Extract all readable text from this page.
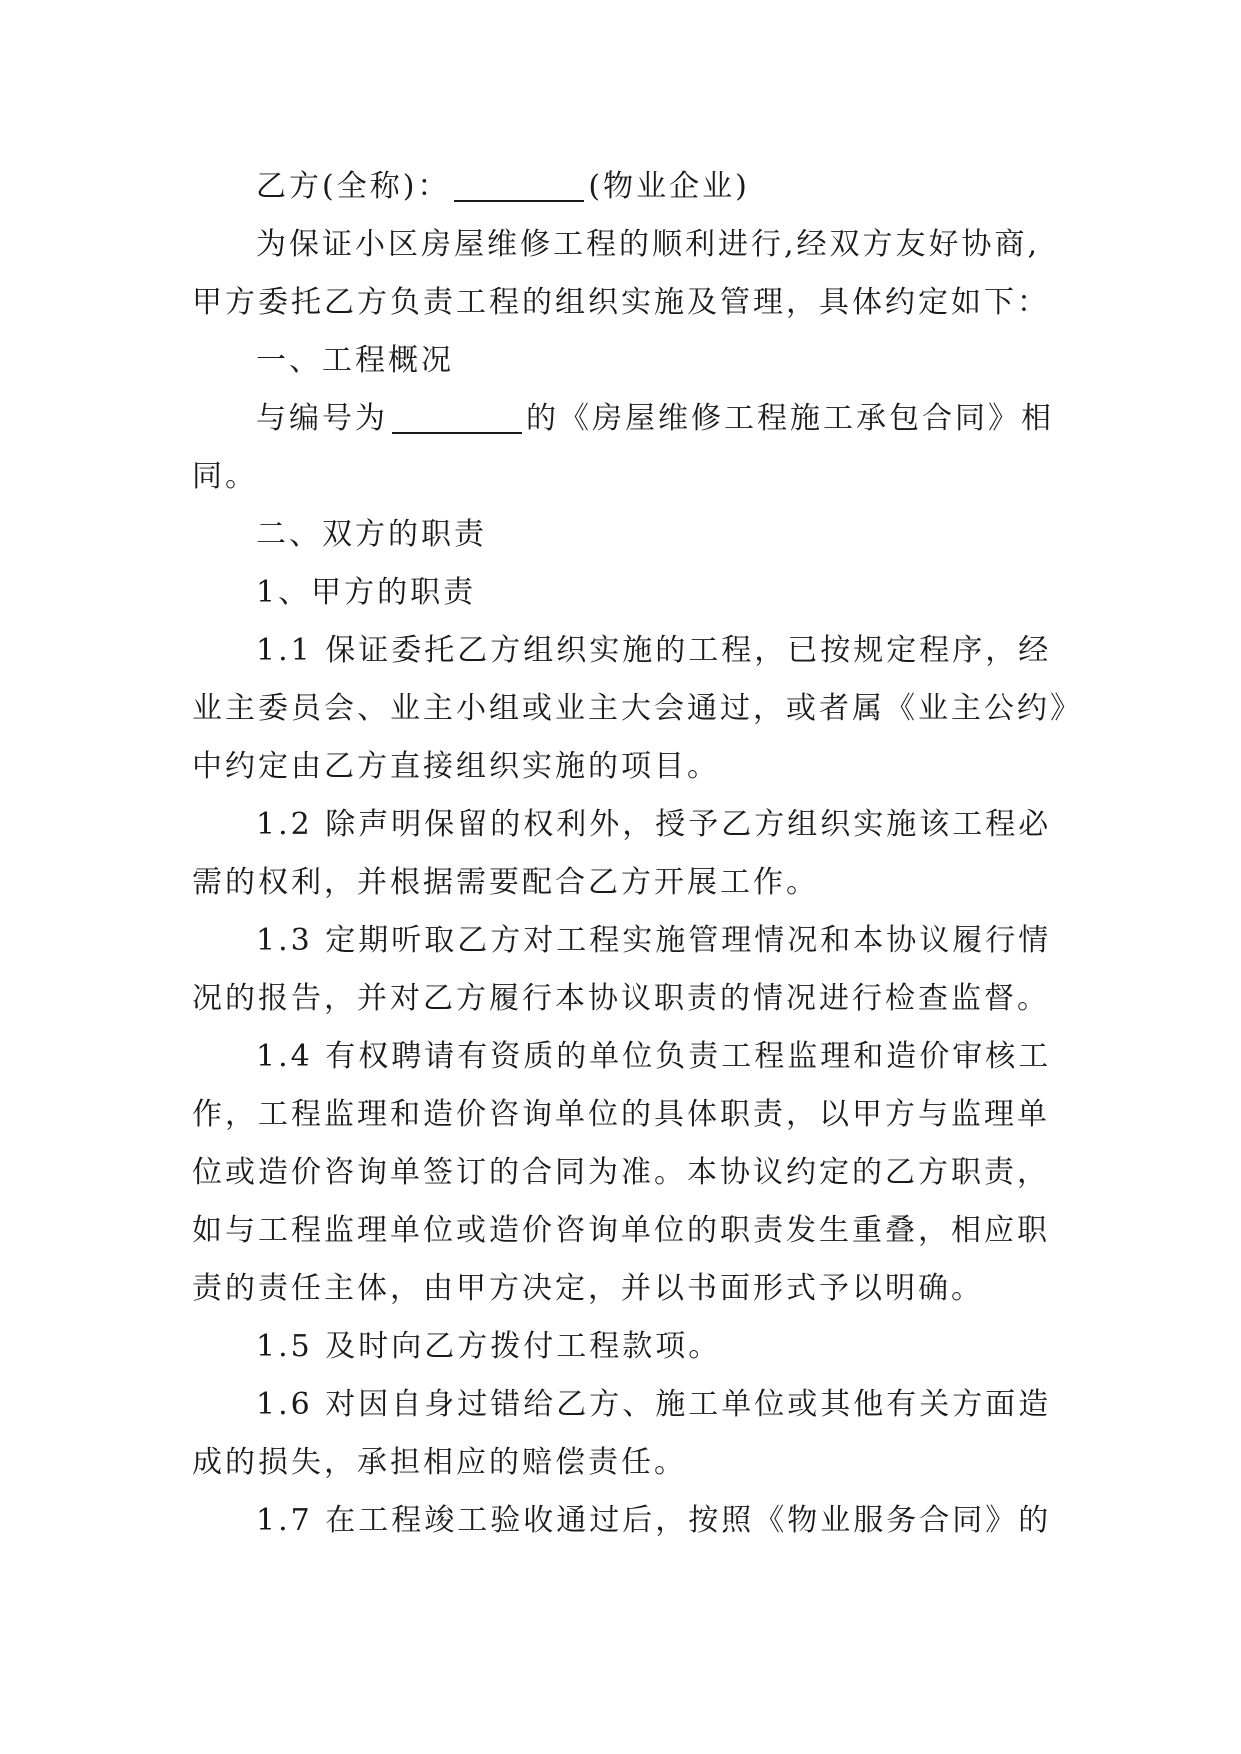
乙方(全称)：	(物业企业)
为保证小区房屋维修工程的顺利进行,经双方友好协商,
甲方委托乙方负责工程的组织实施及管理，具体约定如下：
一、工程概况
与编号为	的《房屋维修工程施工承包合同》相
同。
二、双方的职责
1、甲方的职责
1.1 保证委托乙方组织实施的工程，已按规定程序，经
业主委员会、业主小组或业主大会通过，或者属《业主公约》
中约定由乙方直接组织实施的项目。
1.2 除声明保留的权利外，授予乙方组织实施该工程必
需的权利，并根据需要配合乙方开展工作。
1.3 定期听取乙方对工程实施管理情况和本协议履行情
况的报告，并对乙方履行本协议职责的情况进行检查监督。
1.4 有权聘请有资质的单位负责工程监理和造价审核工
作，工程监理和造价咨询单位的具体职责，以甲方与监理单
位或造价咨询单签订的合同为准。本协议约定的乙方职责，
如与工程监理单位或造价咨询单位的职责发生重叠，相应职
责的责任主体，由甲方决定，并以书面形式予以明确。
1.5 及时向乙方拨付工程款项。
1.6 对因自身过错给乙方、施工单位或其他有关方面造
成的损失，承担相应的赔偿责任。
1.7 在工程竣工验收通过后，按照《物业服务合同》的
